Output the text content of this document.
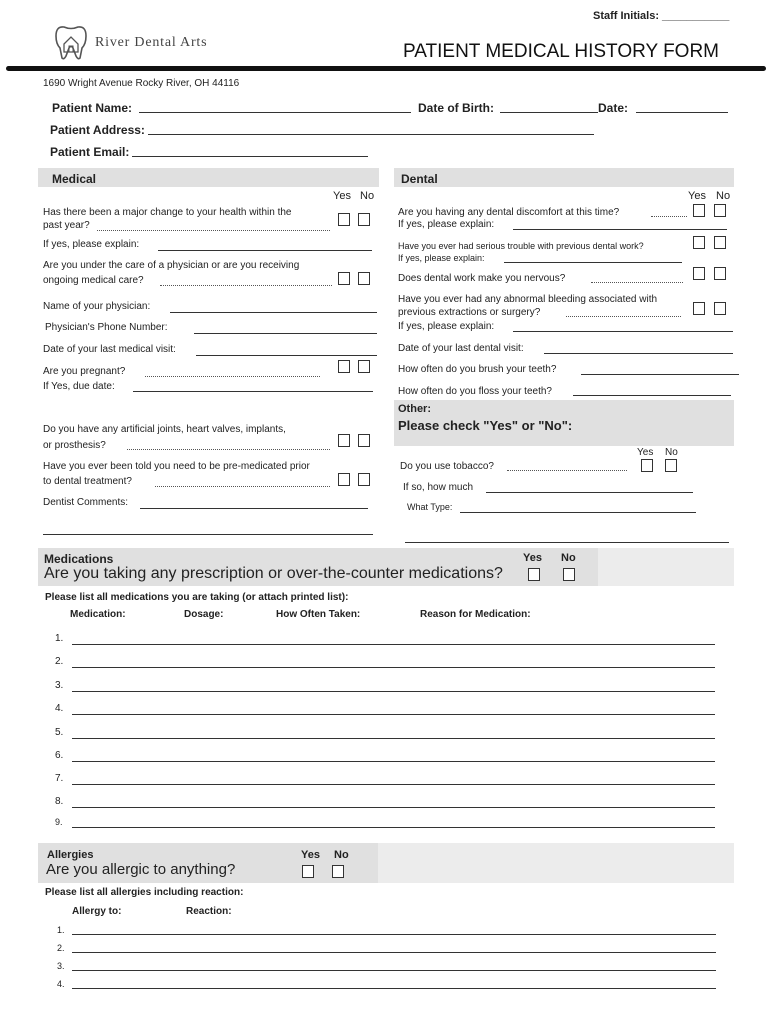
Staff Initials: ___________
River Dental Arts	PATIENT MEDICAL HISTORY FORM
1690 Wright Avenue Rocky River, OH 44116
Patient Name:	Date of Birth:	Date:
Patient Address:
Patient Email:
Medical	Dental
Yes No
Has there been a major change to your health within the
past year?
If yes, please explain:
Are you under the care of a physician or are you receiving
ongoing medical care?
Name of your physician:
Physician's Phone Number:
Date of your last medical visit:
Are you pregnant?
If Yes, due date:
Do you have any artificial joints, heart valves, implants,
or prosthesis?
Have you ever been told you need to be pre-medicated prior
to dental treatment?
Dentist Comments:
Yes No
Are you having any dental discomfort at this time?
If yes, please explain:
Have you ever had serious trouble with previous dental work?
If yes, please explain:
Does dental work make you nervous?
Have you ever had any abnormal bleeding associated with
previous extractions or surgery?
If yes, please explain:
Date of your last dental visit:
How often do you brush your teeth?
How often do you floss your teeth?
Other:
Please check "Yes" or "No":
Yes No
Do you use tobacco?
If so, how much
What Type:
Medications
Are you taking any prescription or over-the-counter medications?
Yes No
Please list all medications you are taking (or attach printed list):
Medication:	Dosage:	How Often Taken:	Reason for Medication:
1.
2.
3.
4.
5.
6.
7.
8.
9.
Allergies
Are you allergic to anything?
Yes No
Please list all allergies including reaction:
Allergy to:	Reaction:
1.
2.
3.
4.
